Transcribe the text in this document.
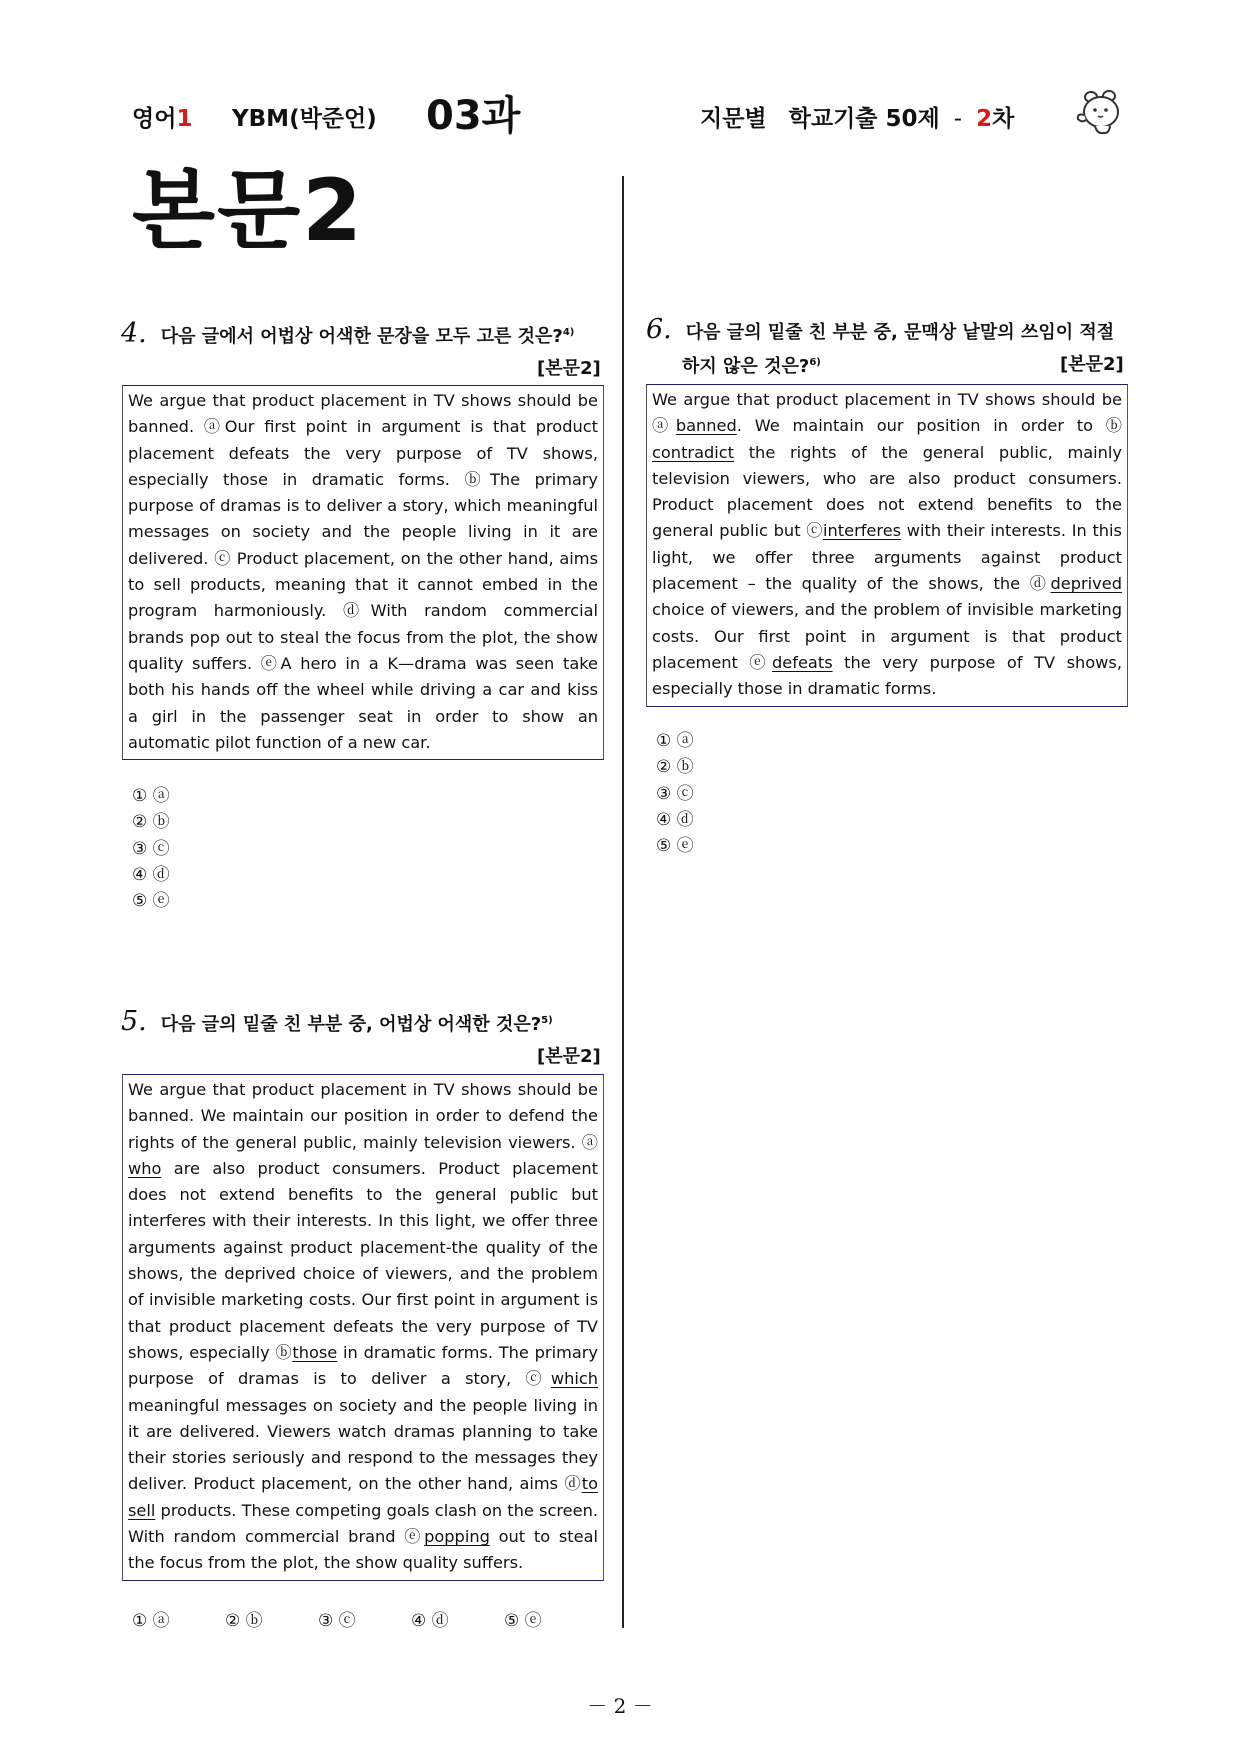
영어1 YBM(박준언) 03과	지문별 학교기출 50제 - 2차
본문2
4. 다음 글에서 어법상 어색한 문장을 모두 고른 것은?$^{4)}$
[본문2]
We argue that product placement in TV shows should be banned. ⓐOur first point in argument is that product placement defeats the very purpose of TV shows, especially those in dramatic forms. ⓑThe primary purpose of dramas is to deliver a story, which meaningful messages on society and the people living in it are delivered. ⓒ Product placement, on the other hand, aims to sell products, meaning that it cannot embed in the program harmoniously. ⓓWith random commercial brands pop out to steal the focus from the plot, the show quality suffers. ⓔA hero in a K—drama was seen take both his hands off the wheel while driving a car and kiss a girl in the passenger seat in order to show an automatic pilot function of a new car.
① ⓐ
② ⓑ
③ ⓒ
④ ⓓ
⑤ ⓔ
5. 다음 글의 밑줄 친 부분 중, 어법상 어색한 것은?$^{5)}$
[본문2]
We argue that product placement in TV shows should be banned. We maintain our position in order to defend the rights of the general public, mainly television viewers. ⓐ who are also product consumers. Product placement does not extend benefits to the general public but interferes with their interests. In this light, we offer three arguments against product placement-the quality of the shows, the deprived choice of viewers, and the problem of invisible marketing costs. Our first point in argument is that product placement defeats the very purpose of TV shows, especially ⓑthose in dramatic forms. The primary purpose of dramas is to deliver a story, ⓒwhich meaningful messages on society and the people living in it are delivered. Viewers watch dramas planning to take their stories seriously and respond to the messages they deliver. Product placement, on the other hand, aims ⓓto sell products. These competing goals clash on the screen. With random commercial brand ⓔpopping out to steal the focus from the plot, the show quality suffers.
① ⓐ	② ⓑ	③ ⓒ	④ ⓓ	⑤ ⓔ
6. 다음 글의 밑줄 친 부분 중, 문맥상 낱말의 쓰임이 적절
하지 않은 것은?$^{6)}$	[본문2]
We argue that product placement in TV shows should be ⓐbanned. We maintain our position in order to ⓑ contradict the rights of the general public, mainly television viewers, who are also product consumers. Product placement does not extend benefits to the general public but ⓒinterferes with their interests. In this light, we offer three arguments against product placement – the quality of the shows, the ⓓdeprived choice of viewers, and the problem of invisible marketing costs. Our first point in argument is that product placement ⓔdefeats the very purpose of TV shows, especially those in dramatic forms.
① ⓐ
② ⓑ
③ ⓒ
④ ⓓ
⑤ ⓔ
－ 2 －
